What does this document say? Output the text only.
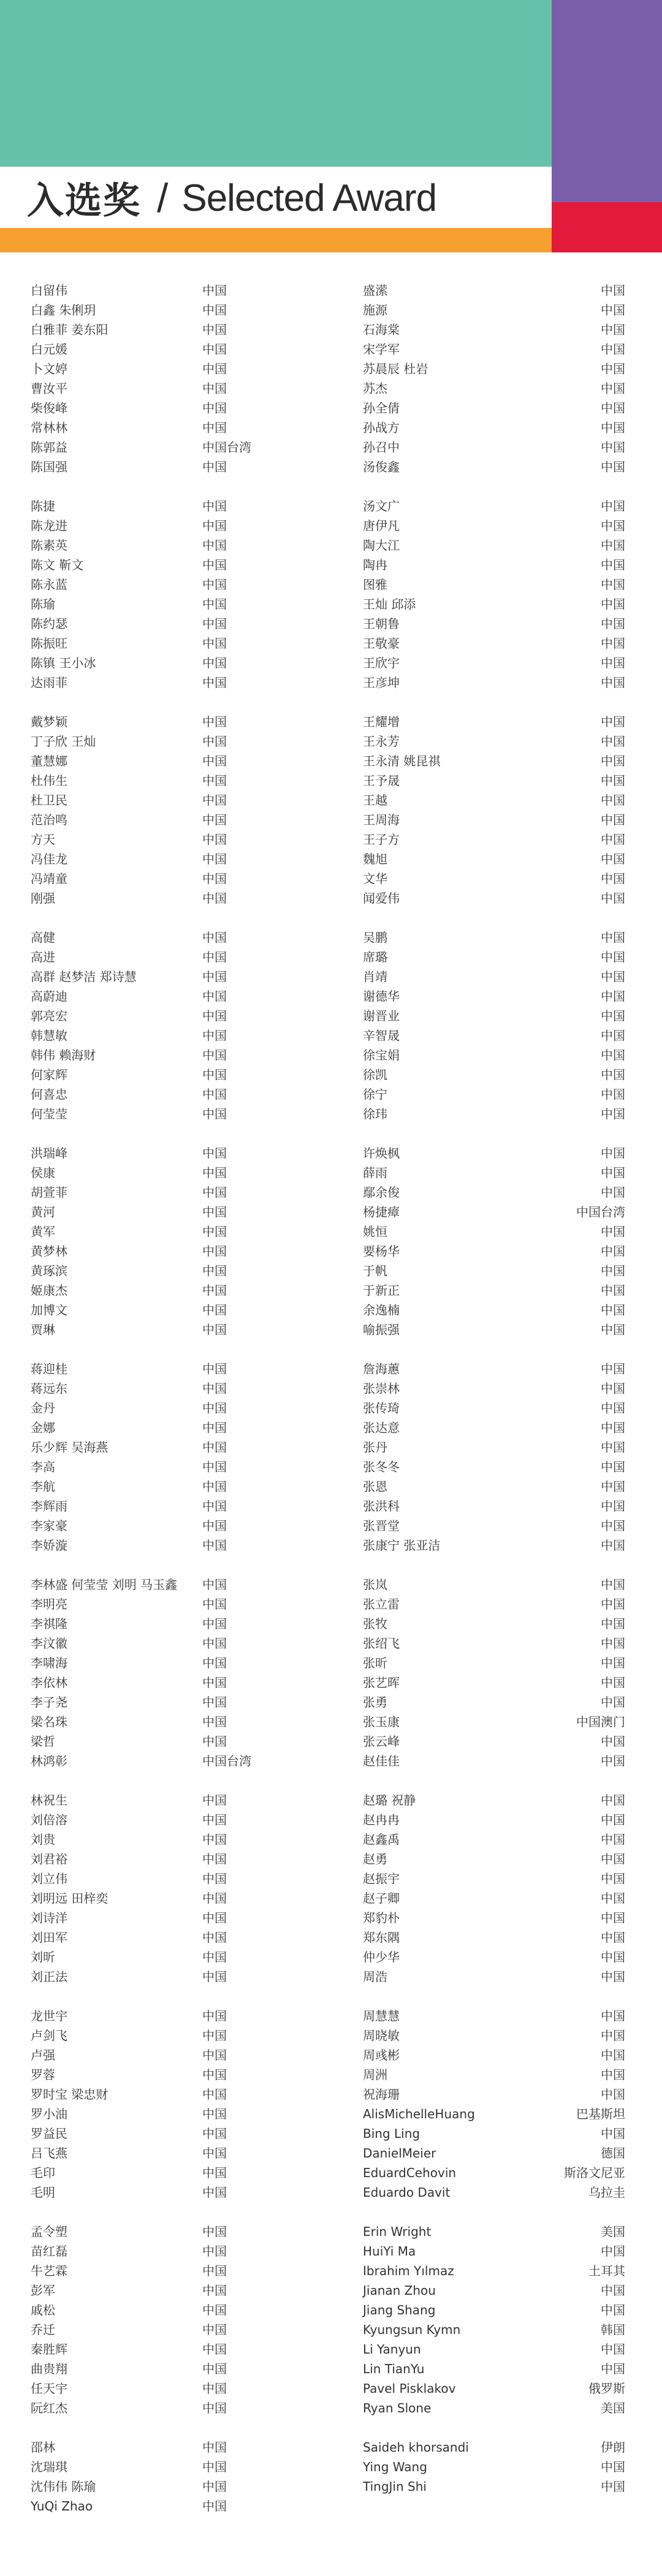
入选奖 / Selected Award
白留伟	中国
白鑫 朱俐玥	中国
白雅菲 姜东阳	中国
白元媛	中国
卜文婷	中国
曹汝平	中国
柴俊峰	中国
常林林	中国
陈郭益	中国台湾
陈国强	中国
陈捷	中国
陈龙进	中国
陈素英	中国
陈文 靳文	中国
陈永蓝	中国
陈瑜	中国
陈约瑟	中国
陈振旺	中国
陈镇 王小冰	中国
达雨菲	中国
戴梦颖	中国
丁子欣 王灿	中国
董慧娜	中国
杜伟生	中国
杜卫民	中国
范治鸣	中国
方天	中国
冯佳龙	中国
冯靖童	中国
刚强	中国
高健	中国
高进	中国
高群 赵梦洁 郑诗慧	中国
高蔚迪	中国
郭亮宏	中国
韩慧敏	中国
韩伟 赖海财	中国
何家辉	中国
何喜忠	中国
何莹莹	中国
洪瑞峰	中国
侯康	中国
胡萱菲	中国
黄河	中国
黄军	中国
黄梦林	中国
黄琢滨	中国
姬康杰	中国
加博文	中国
贾琳	中国
蒋迎桂	中国
蒋远东	中国
金丹	中国
金娜	中国
乐少辉 吴海燕	中国
李高	中国
李航	中国
李辉雨	中国
李家豪	中国
李娇漩	中国
李林盛 何莹莹 刘明 马玉鑫 中国
李明亮	中国
李祺隆	中国
李汶徽	中国
李啸海	中国
李依林	中国
李子尧	中国
梁名珠	中国
梁哲	中国
林鸿彰	中国台湾
林祝生	中国
刘倍溶	中国
刘贵	中国
刘君裕	中国
刘立伟	中国
刘明远 田梓奕	中国
刘诗洋	中国
刘田军	中国
刘昕	中国
刘正法	中国
龙世宇	中国
卢剑飞	中国
卢强	中国
罗蓉	中国
罗时宝 梁忠财	中国
罗小油	中国
罗益民	中国
吕飞燕	中国
毛印	中国
毛明	中国
孟令塑	中国
苗红磊	中国
牛艺霖	中国
彭军	中国
戚松	中国
乔迁	中国
秦胜辉	中国
曲贵翔	中国
任天宇	中国
阮红杰	中国
邵林	中国
沈瑞琪	中国
沈伟伟 陈瑜	中国
YuQi Zhao	中国
盛潆	中国
施源	中国
石海棠	中国
宋学军	中国
苏晨辰 杜岩	中国
苏杰	中国
孙全倩	中国
孙战方	中国
孙召中	中国
汤俊鑫	中国
汤文广	中国
唐伊凡	中国
陶大江	中国
陶冉	中国
图雅	中国
王灿 邱添	中国
王朝鲁	中国
王敬豪	中国
王欣宇	中国
王彦坤	中国
王耀增	中国
王永芳	中国
王永清 姚昆祺	中国
王予晟	中国
王越	中国
王周海	中国
王子方	中国
魏旭	中国
文华	中国
闻爱伟	中国
吴鹏	中国
席璐	中国
肖靖	中国
谢德华	中国
谢晋业	中国
辛智晟	中国
徐宝娟	中国
徐凯	中国
徐宁	中国
徐玮	中国
许焕枫	中国
薛雨	中国
鄢余俊	中国
杨捷瘴	中国台湾
姚恒	中国
要杨华	中国
于帆	中国
于新正	中国
余逸楠	中国
喻振强	中国
詹海蕙	中国
张崇林	中国
张传琦	中国
张达意	中国
张丹	中国
张冬冬	中国
张恩	中国
张洪科	中国
张晋堂	中国
张康宁 张亚洁	中国
张岚	中国
张立雷	中国
张牧	中国
张绍飞	中国
张昕	中国
张艺晖	中国
张勇	中国
张玉康	中国澳门
张云峰	中国
赵佳佳	中国
赵璐 祝静	中国
赵冉冉	中国
赵鑫禹	中国
赵勇	中国
赵振宇	中国
赵子卿	中国
郑豹朴	中国
郑东隅	中国
仲少华	中国
周浩	中国
周慧慧	中国
周晓敏	中国
周彧彬	中国
周洲	中国
祝海珊	中国
AlisMichelleHuang	巴基斯坦
Bing Ling	中国
DanielMeier	德国
EduardCehovin	斯洛文尼亚
Eduardo Davit	乌拉圭
Erin Wright	美国
HuiYi Ma	中国
Ibrahim Yılmaz	土耳其
Jianan Zhou	中国
Jiang Shang	中国
Kyungsun Kymn	韩国
Li Yanyun	中国
Lin TianYu	中国
Pavel Pisklakov	俄罗斯
Ryan Slone	美国
Saideh khorsandi	伊朗
Ying Wang	中国
TingJin Shi	中国
